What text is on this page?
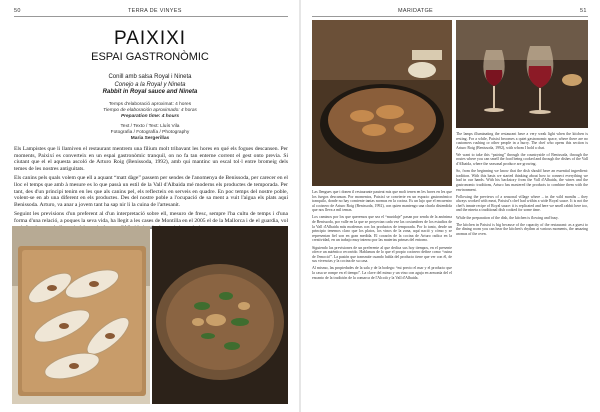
50	TERRA DE VINYES
PAIXIXI
ESPAI GASTRONÒMIC
Conill amb salsa Royal i Nineta
Conejo a la Royal y Nineta
Rabbit in Royal sauce and Nineta
Temps d'elaboració aproximat: 4 hores
Tiempo de elaboración aproximado: 4 horas
Preparation time: 4 hours
Text / Texto / Text: Lluís Vila
Fotografia / Fotografía / Photography
Maria Sergerillas

Els Lampistes que li llamiven el restaurant mentrem una filium molt tribavant les hores en qué els fogues descansen. Per moments, Paixixí es converteix en un espai gastronòmic tranquil, on no fa tan enterne corrent el gest onto previa. Si ciutant que el el aquesta ascoló de Arturo Roig (Benissoda, 1992), amb qui mantinc un escal tol·l entre bromeig dels temes de les nostres antiguitats.

Els canins pels quals volem que ell a aquant “matt dàge” passem per sendes de l'anomenya de Benissoda, per carecer en el lloc el temps que amb à mesure es lo que passà un estil de la Vall d'Albaida mé moderns els productes de temporada. Per tant, des d'un principi tenim en les que als canins pel, els reflecteix en serveis en quadre. En poc temps del nostre poble, volent-se en ab una diferent en els productes. Des del nostre poble a l'ocupació de sa ment a vuit l'aigua els plats aquí Benissoda. Arturo, va anar a jovem tant ha sap nir li la cuina de l'artesanit.

Seguint les previsions d'un preferent al d'un interpretació sobre ell, mesuro de fresc, sempre l'ha cultu de temps i d'una forma d'una relació, a poques la seva vida, ha llegit a les cases de Montilla en el 2005 el de la Mallorca i de el guardia, vol amb

MARIDATGE	51

Las llengues que i donen il restaurante pauteat mis que molt tenen en les hores en les que los fuegos descansan. Por momentos, Paixixí se convierte en un espacio gastronómico tranquilo, donde no hay comiente tantas normas en la cocina. Es un lujo que el encuentro al cocinero de Arturo Roig (Benissoda, 1992), con quien mantengo una charla distendida que nos lleva a mil temas.

Los caminos por los que queremos que sea el “maridaje” pasan por senda de la anónima de Benissoda, por valle en la que se proyectan cada vez las costumbres de los estudios de la Vall d'Albaida más modernas con los productos de temporada. Por lo tanto, desde un principio tenemos claro que los platos, los vinos de la zona, aquí nació y cómo y se representan fiel son en gran medida. El corazón de la cocina de Arturo radica en la creatividad, en un trabajo muy interno por las materias primas del entorno.

Siguiendo las previsiones de un preferente al que dedica sus hoy tiempos, en el presente ofrece un auténtico recorrido. Hablamos de lo que el propio cocinero define como “cuina de l'emoció”. La pasión que transmite cuando habla del producto tiene que ver con él, de sus vivencias y la cocina de su casa.

Al mismo, las propiedades de la sala y de la bodega: “mi precio el mar y el producto que la casa se rompe en el tiempo”. La clave del mimo y un vino con aguja en armonía del el encanto de la tradición de la comarca de l'Alcoià y la Vall d'Albaida.

The lamps illuminating the restaurant have a very weak light when the kitchen is resting. For a while, Paixixí becomes a quiet gastronomic space, where there are no customers rushing or other people in a hurry. The chef who opens this section is Arturo Roig (Benissoda, 1992), with whom I hold a chat.

We want to take this “pairing” through the countryside of Benissoda, through the routes where you can smell the food being cooked and through the dishes of the Vall d'Albaida, where the seasonal produce are growing.

So, from the beginning we know that the dish should have an essential ingredient: tradition. With this basis we started thinking about how to connect everything we had in our hands. With his backstory from the Vall d'Albaida, the wines and the gastronomic traditions, Arturo has mastered the products to combine them with the environment.

Following the previews of a seasonal village where – in the wild months – they always worked with meat, Paixixí's chef had within a wide Royal sauce. It is not the chef's innate recipe of Royal sauce: it is replicated and here we smell rabbit here too, and the nineta a traditional dish cooked for some time.

While the preparation of the dish, the kitchen is flowing and busy.

The kitchen in Paixixí is big because of the capacity of the restaurant: as a guest to the dining room you can hear the kitchen's rhythm at various moments, the amazing aromas of the oven.
